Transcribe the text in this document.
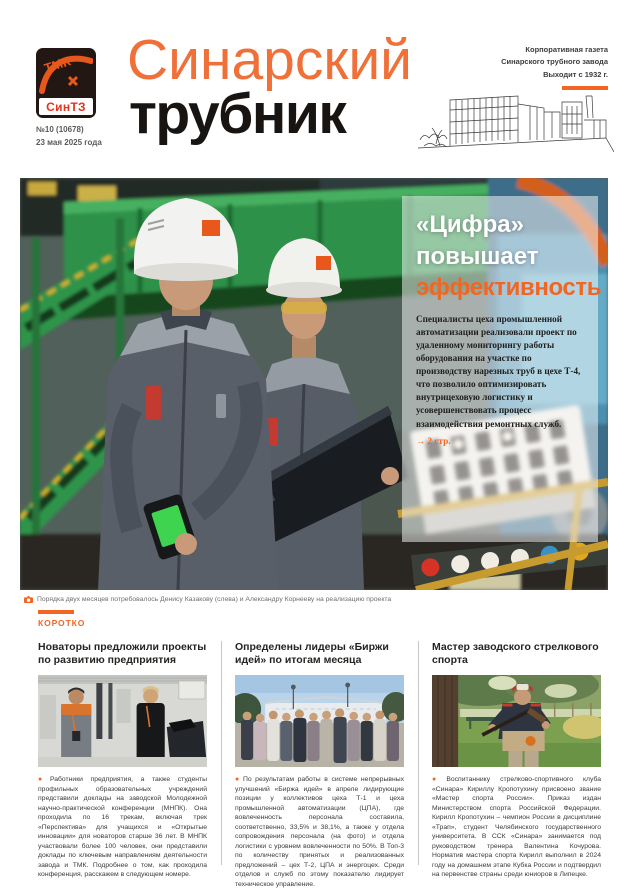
ТМК
СинТЗ
№10 (10678)
23 мая 2025 года
Синарский
трубник
Корпоративная газета
Синарского трубного завода
Выходит с 1932 г.
«Цифра» повышает
эффективность
Специалисты цеха промышленной автоматизации реализовали проект по удаленному мониторингу работы оборудования на участке по производству нарезных труб в цехе Т-4, что позволило оптимизировать внутрицеховую логистику и усовершенствовать процесс взаимодействия ремонтных служб.
→ 2 стр.
Порядка двух месяцев потребовалось Денису Казакову (слева) и Александру Корнееву на реализацию проекта
КОРОТКО
Новаторы предложили проекты по развитию предприятия
● Работники предприятия, а также студенты профильных образовательных учреждений представили доклады на заводской Молодежной научно-практической конференции (МНПК). Она проходила по 16 трекам, включая трек «Перспектива» для учащихся и «Открытые инновации» для новаторов старше 36 лет. В МНПК участвовали более 100 человек, они представили доклады по ключевым направлениям деятельности завода и ТМК. Подробнее о том, как проходила конференция, расскажем в следующем номере.
Определены лидеры «Биржи идей» по итогам месяца
● По результатам работы в системе непрерывных улучшений «Биржа идей» в апреле лидирующие позиции у коллективов цеха Т-1 и цеха промышленной автоматизации (ЦПА), где вовлеченность персонала составила, соответственно, 33,5% и 38,1%, а также у отдела сопровождения персонала (на фото) и отдела логистики с уровнем вовлеченности по 50%. В Топ-3 по количеству принятых и реализованных предложений – цех Т-2, ЦПА и энергоцех. Среди отделов и служб по этому показателю лидирует техническое управление.
Мастер заводского стрелкового спорта
● Воспитаннику стрелково-спортивного клуба «Синара» Кириллу Кропотухину присвоено звание «Мастер спорта России». Приказ издан Министерством спорта Российской Федерации. Кирилл Кропотухин – чемпион России в дисциплине «Трап», студент Челябинского государственного университета. В ССК «Синара» занимается под руководством тренера Валентина Кочурова. Норматив мастера спорта Кирилл выполнил в 2024 году на домашнем этапе Кубка России и подтвердил на первенстве страны среди юниоров в Липецке.
